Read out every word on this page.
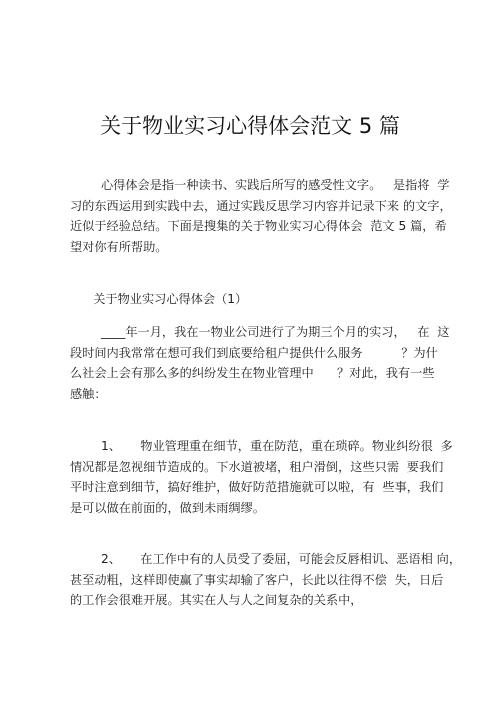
关于物业实习心得体会范文 5 篇
心得体会是指一种读书、实践后所写的感受性文字。   是指将  学
习的东西运用到实践中去，通过实践反思学习内容并记录下来 的文字，
近似于经验总结。下面是搜集的关于物业实习心得体会  范文 5 篇，希
望对你有所帮助。
关于物业实习心得体会（1）
____年一月，我在一物业公司进行了为期三个月的实习，   在  这
段时间内我常常在想可我们到底要给租户提供什么服务          ？为什
么社会上会有那么多的纠纷发生在物业管理中      ？对此，我有一些
感触：
1、     物业管理重在细节，重在防范，重在琐碎。物业纠纷很  多
情况都是忽视细节造成的。下水道被堵，租户滑倒，这些只需  要我们
平时注意到细节，搞好维护，做好防范措施就可以啦，有  些事，我们
是可以做在前面的，做到未雨绸缪。
2、     在工作中有的人员受了委屈，可能会反唇相讥、恶语相 向，
甚至动粗，这样即使赢了事实却输了客户，长此以往得不偿  失，日后
的工作会很难开展。其实在人与人之间复杂的关系中，
